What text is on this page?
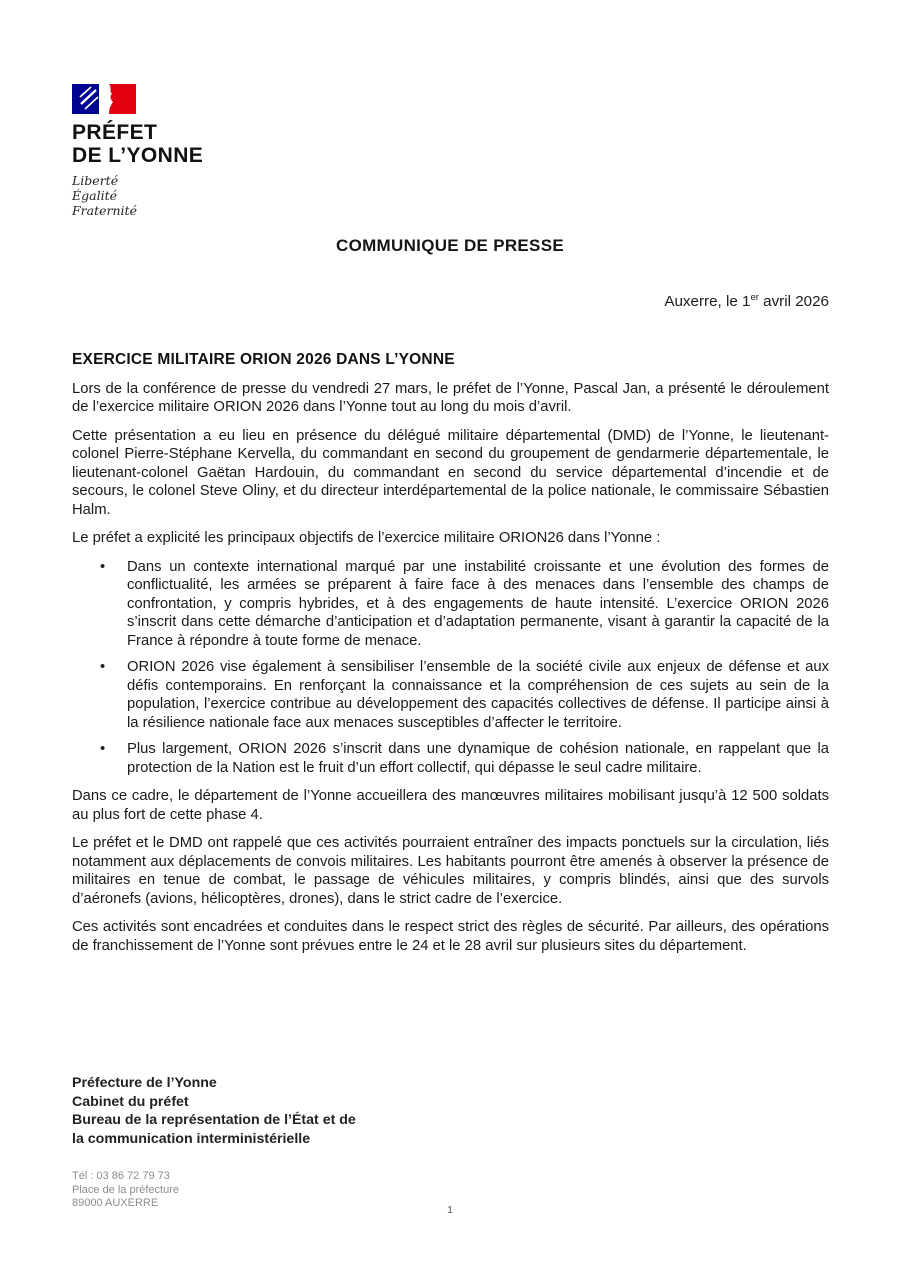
PRÉFET
DE L’YONNE
Liberté
Égalité
Fraternité
COMMUNIQUE DE PRESSE
Auxerre, le 1er avril 2026
EXERCICE MILITAIRE ORION 2026 DANS L’YONNE

Lors de la conférence de presse du vendredi 27 mars, le préfet de l’Yonne, Pascal Jan, a présenté le déroulement de l’exercice militaire ORION 2026 dans l’Yonne tout au long du mois d’avril.

Cette présentation a eu lieu en présence du délégué militaire départemental (DMD) de l’Yonne, le lieutenant-colonel Pierre-Stéphane Kervella, du commandant en second du groupement de gendarmerie départementale, le lieutenant-colonel Gaëtan Hardouin, du commandant en second du service départemental d’incendie et de secours, le colonel Steve Oliny, et du directeur interdépartemental de la police nationale, le commissaire Sébastien Halm.

Le préfet a explicité les principaux objectifs de l’exercice militaire ORION26 dans l’Yonne :

• Dans un contexte international marqué par une instabilité croissante et une évolution des formes de conflictualité, les armées se préparent à faire face à des menaces dans l’ensemble des champs de confrontation, y compris hybrides, et à des engagements de haute intensité. L’exercice ORION 2026 s’inscrit dans cette démarche d’anticipation et d’adaptation permanente, visant à garantir la capacité de la France à répondre à toute forme de menace.
• ORION 2026 vise également à sensibiliser l’ensemble de la société civile aux enjeux de défense et aux défis contemporains. En renforçant la connaissance et la compréhension de ces sujets au sein de la population, l’exercice contribue au développement des capacités collectives de défense. Il participe ainsi à la résilience nationale face aux menaces susceptibles d’affecter le territoire.
• Plus largement, ORION 2026 s’inscrit dans une dynamique de cohésion nationale, en rappelant que la protection de la Nation est le fruit d’un effort collectif, qui dépasse le seul cadre militaire.

Dans ce cadre, le département de l’Yonne accueillera des manœuvres militaires mobilisant jusqu’à 12 500 soldats au plus fort de cette phase 4.

Le préfet et le DMD ont rappelé que ces activités pourraient entraîner des impacts ponctuels sur la circulation, liés notamment aux déplacements de convois militaires. Les habitants pourront être amenés à observer la présence de militaires en tenue de combat, le passage de véhicules militaires, y compris blindés, ainsi que des survols d’aéronefs (avions, hélicoptères, drones), dans le strict cadre de l’exercice.

Ces activités sont encadrées et conduites dans le respect strict des règles de sécurité. Par ailleurs, des opérations de franchissement de l’Yonne sont prévues entre le 24 et le 28 avril sur plusieurs sites du département.

Préfecture de l’Yonne
Cabinet du préfet
Bureau de la représentation de l’État et de
la communication interministérielle
Tél : 03 86 72 79 73
Place de la préfecture
89000 AUXERRE
1
